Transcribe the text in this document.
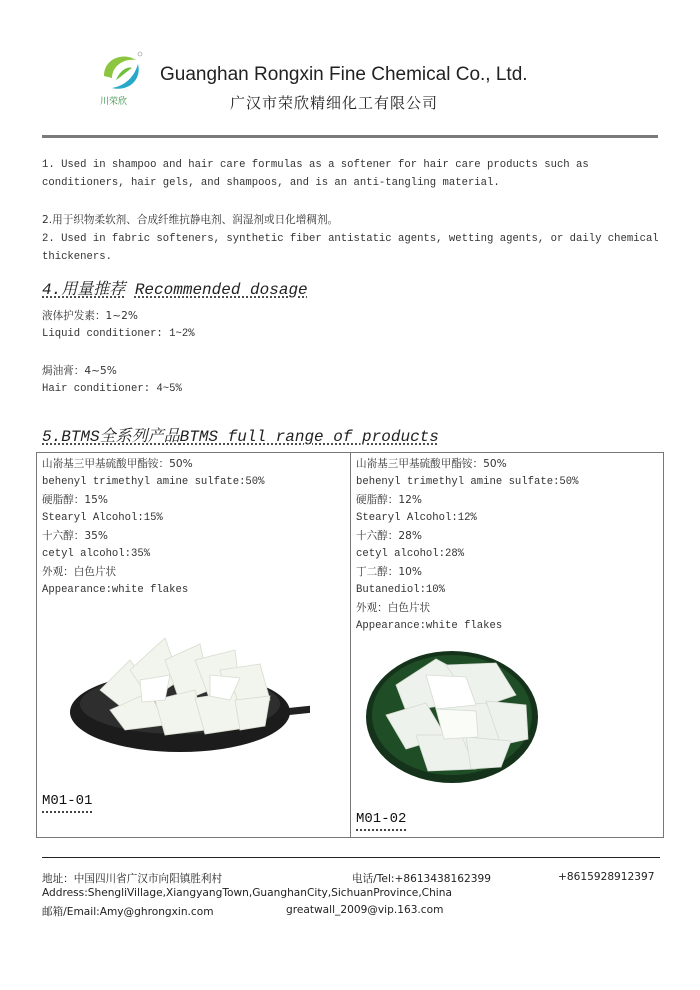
川荣欣
Guanghan Rongxin Fine Chemical Co., Ltd.
广汉市荣欣精细化工有限公司
1. Used in shampoo and hair care formulas as a softener for hair care products such as conditioners, hair gels, and shampoos, and is an anti-tangling material.
2.用于织物柔软剂、合成纤维抗静电剂、润湿剂或日化增稠剂。
2. Used in fabric softeners, synthetic fiber antistatic agents, wetting agents, or daily chemical thickeners.
4.用量推荐 Recommended dosage
液体护发素：1~2%
Liquid conditioner: 1~2%
焗油膏：4~5%
Hair conditioner: 4~5%
5.BTMS全系列产品BTMS full range of products
山嵛基三甲基硫酸甲酯铵：50%
behenyl trimethyl amine sulfate:50%
硬脂醇：15%
Stearyl Alcohol:15%
十六醇：35%
cetyl alcohol:35%
外观：白色片状
Appearance:white flakes
M01-01
山嵛基三甲基硫酸甲酯铵：50%
behenyl trimethyl amine sulfate:50%
硬脂醇：12%
Stearyl Alcohol:12%
十六醇：28%
cetyl alcohol:28%
丁二醇：10%
Butanediol:10%
外观：白色片状
Appearance:white flakes
M01-02
地址：中国四川省广汉市向阳镇胜利村	电话/Tel:+8613438162399	+8615928912397
Address:ShengliVillage,XiangyangTown,GuanghanCity,SichuanProvince,China
邮箱/Email:Amy@ghrongxin.com	greatwall_2009@vip.163.com
